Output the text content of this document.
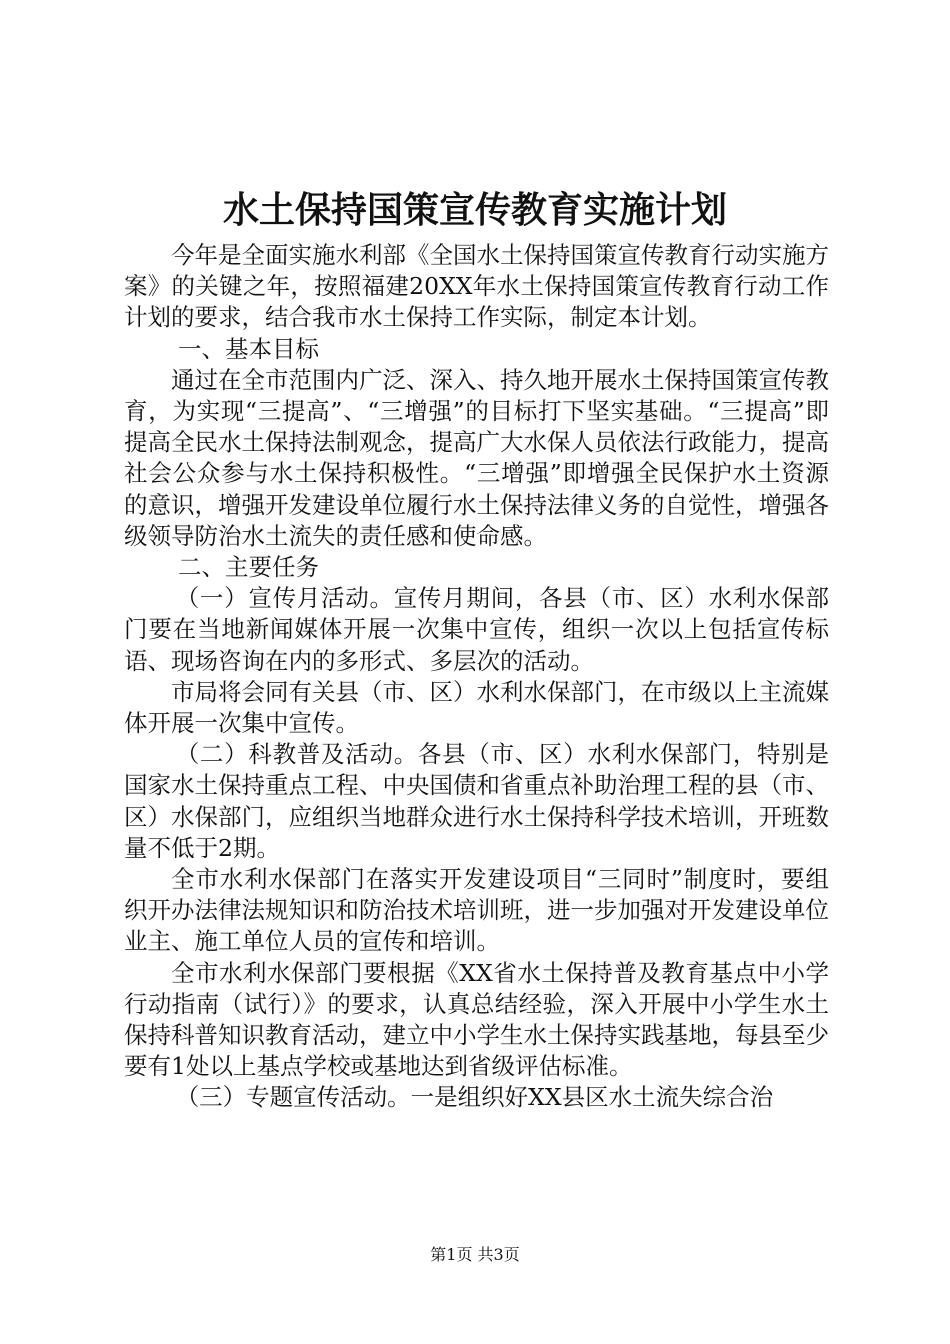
水土保持国策宣传教育实施计划

今年是全面实施水利部《全国水土保持国策宣传教育行动实施方案》的关键之年，按照福建20XX年水土保持国策宣传教育行动工作计划的要求，结合我市水土保持工作实际，制定本计划。

一、基本目标

通过在全市范围内广泛、深入、持久地开展水土保持国策宣传教育，为实现“三提高”、“三增强”的目标打下坚实基础。“三提高”即提高全民水土保持法制观念，提高广大水保人员依法行政能力，提高社会公众参与水土保持积极性。“三增强”即增强全民保护水土资源的意识，增强开发建设单位履行水土保持法律义务的自觉性，增强各级领导防治水土流失的责任感和使命感。

二、主要任务

（一）宣传月活动。宣传月期间，各县（市、区）水利水保部门要在当地新闻媒体开展一次集中宣传，组织一次以上包括宣传标语、现场咨询在内的多形式、多层次的活动。

市局将会同有关县（市、区）水利水保部门，在市级以上主流媒体开展一次集中宣传。

（二）科教普及活动。各县（市、区）水利水保部门，特别是国家水土保持重点工程、中央国债和省重点补助治理工程的县（市、区）水保部门，应组织当地群众进行水土保持科学技术培训，开班数量不低于2期。

全市水利水保部门在落实开发建设项目“三同时”制度时，要组织开办法律法规知识和防治技术培训班，进一步加强对开发建设单位业主、施工单位人员的宣传和培训。

全市水利水保部门要根据《XX省水土保持普及教育基点中小学行动指南（试行）》的要求，认真总结经验，深入开展中小学生水土保持科普知识教育活动，建立中小学生水土保持实践基地，每县至少要有1处以上基点学校或基地达到省级评估标准。

（三）专题宣传活动。一是组织好XX县区水土流失综合治

第1页 共3页
